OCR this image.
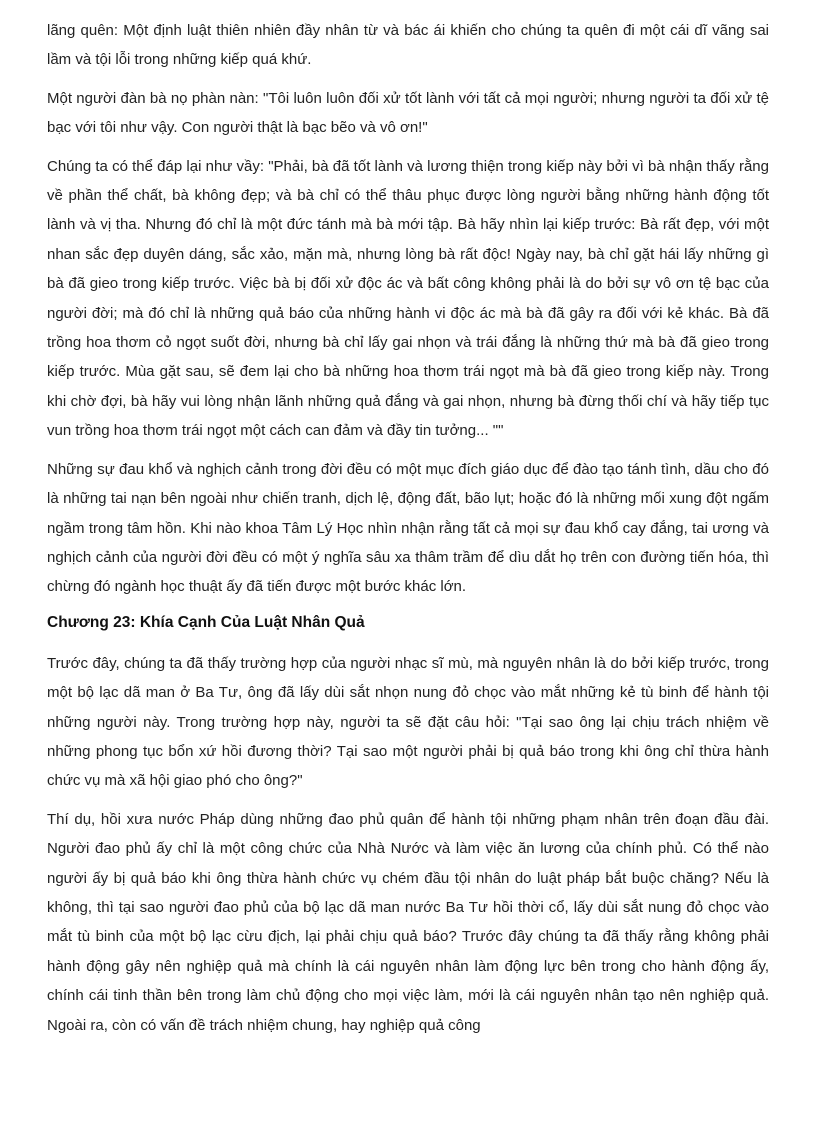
lãng quên: Một định luật thiên nhiên đầy nhân từ và bác ái khiến cho chúng ta quên đi một cái dĩ vãng sai lầm và tội lỗi trong những kiếp quá khứ.

Một người đàn bà nọ phàn nàn: "Tôi luôn luôn đối xử tốt lành với tất cả mọi người; nhưng người ta đối xử tệ bạc với tôi như vậy. Con người thật là bạc bẽo và vô ơn!"

Chúng ta có thể đáp lại như vầy: "Phải, bà đã tốt lành và lương thiện trong kiếp này bởi vì bà nhận thấy rằng về phần thể chất, bà không đẹp; và bà chỉ có thể thâu phục được lòng người bằng những hành động tốt lành và vị tha. Nhưng đó chỉ là một đức tánh mà bà mới tập. Bà hãy nhìn lại kiếp trước: Bà rất đẹp, với một nhan sắc đẹp duyên dáng, sắc xảo, mặn mà, nhưng lòng bà rất độc! Ngày nay, bà chỉ gặt hái lấy những gì bà đã gieo trong kiếp trước. Việc bà bị đối xử độc ác và bất công không phải là do bởi sự vô ơn tệ bạc của người đời; mà đó chỉ là những quả báo của những hành vi độc ác mà bà đã gây ra đối với kẻ khác. Bà đã trồng hoa thơm cỏ ngọt suốt đời, nhưng bà chỉ lấy gai nhọn và trái đắng là những thứ mà bà đã gieo trong kiếp trước. Mùa gặt sau, sẽ đem lại cho bà những hoa thơm trái ngọt mà bà đã gieo trong kiếp này. Trong khi chờ đợi, bà hãy vui lòng nhận lãnh những quả đắng và gai nhọn, nhưng bà đừng thối chí và hãy tiếp tục vun trồng hoa thơm trái ngọt một cách can đảm và đầy tin tưởng... ""

Những sự đau khổ và nghịch cảnh trong đời đều có một mục đích giáo dục để đào tạo tánh tình, dầu cho đó là những tai nạn bên ngoài như chiến tranh, dịch lệ, động đất, bão lụt; hoặc đó là những mối xung đột ngấm ngầm trong tâm hồn. Khi nào khoa Tâm Lý Học nhìn nhận rằng tất cả mọi sự đau khổ cay đắng, tai ương và nghịch cảnh của người đời đều có một ý nghĩa sâu xa thâm trầm để dìu dắt họ trên con đường tiến hóa, thì chừng đó ngành học thuật ấy đã tiến được một bước khác lớn.

Chương 23: Khía Cạnh Của Luật Nhân Quả

Trước đây, chúng ta đã thấy trường hợp của người nhạc sĩ mù, mà nguyên nhân là do bởi kiếp trước, trong một bộ lạc dã man ở Ba Tư, ông đã lấy dùi sắt nhọn nung đỏ chọc vào mắt những kẻ tù binh để hành tội những người này. Trong trường hợp này, người ta sẽ đặt câu hỏi: "Tại sao ông lại chịu trách nhiệm về những phong tục bổn xứ hồi đương thời? Tại sao một người phải bị quả báo trong khi ông chỉ thừa hành chức vụ mà xã hội giao phó cho ông?"

Thí dụ, hồi xưa nước Pháp dùng những đao phủ quân để hành tội những phạm nhân trên đoạn đầu đài. Người đao phủ ấy chỉ là một công chức của Nhà Nước và làm việc ăn lương của chính phủ. Có thể nào người ấy bị quả báo khi ông thừa hành chức vụ chém đầu tội nhân do luật pháp bắt buộc chăng? Nếu là không, thì tại sao người đao phủ của bộ lạc dã man nước Ba Tư hồi thời cổ, lấy dùi sắt nung đỏ chọc vào mắt tù binh của một bộ lạc cừu địch, lại phải chịu quả báo? Trước đây chúng ta đã thấy rằng không phải hành động gây nên nghiệp quả mà chính là cái nguyên nhân làm động lực bên trong cho hành động ấy, chính cái tinh thần bên trong làm chủ động cho mọi việc làm, mới là cái nguyên nhân tạo nên nghiệp quả. Ngoài ra, còn có vấn đề trách nhiệm chung, hay nghiệp quả công
